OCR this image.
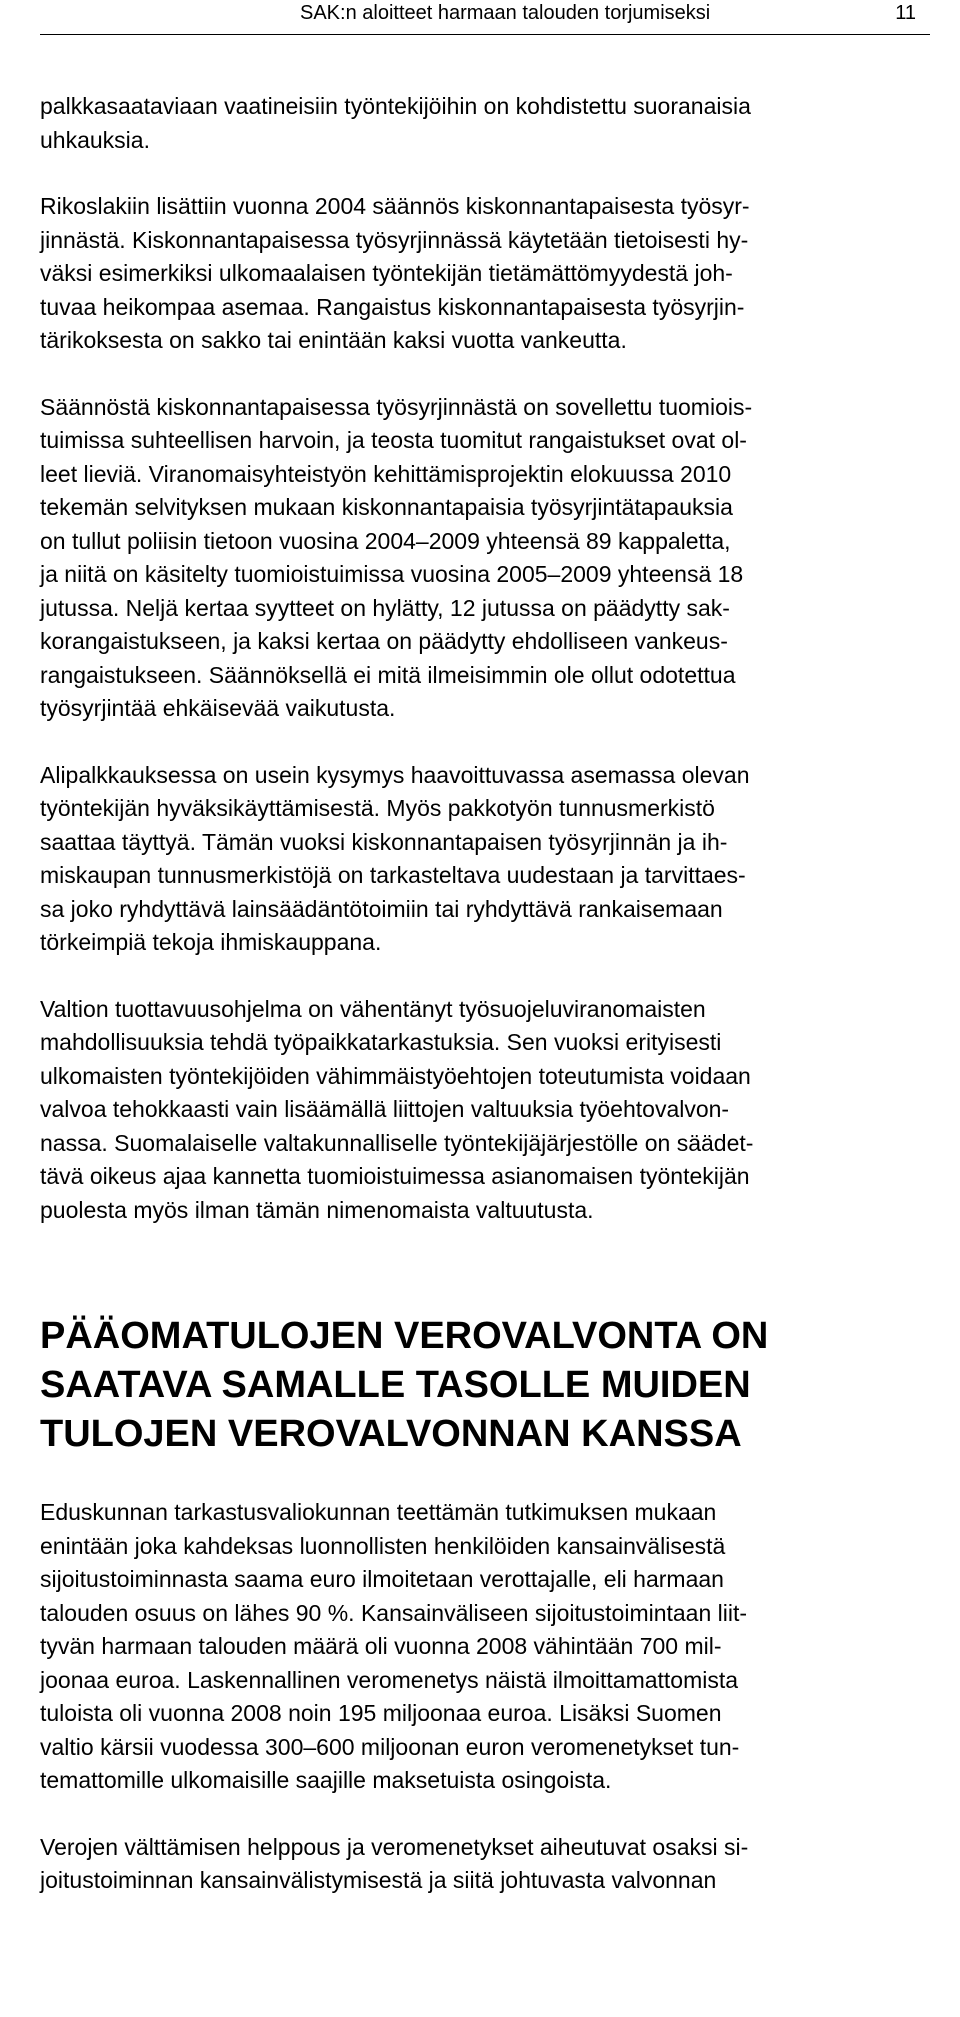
SAK:n aloitteet harmaan talouden torjumiseksi	11

palkkasaataviaan vaatineisiin työntekijöihin on kohdistettu suoranaisia
uhkauksia.

Rikoslakiin lisättiin vuonna 2004 säännös kiskonnantapaisesta työsyr-
jinnästä. Kiskonnantapaisessa työsyrjinnässä käytetään tietoisesti hy-
väksi esimerkiksi ulkomaalaisen työntekijän tietämättömyydestä joh-
tuvaa heikompaa asemaa. Rangaistus kiskonnantapaisesta työsyrjin-
tärikoksesta on sakko tai enintään kaksi vuotta vankeutta.

Säännöstä kiskonnantapaisessa työsyrjinnästä on sovellettu tuomiois-
tuimissa suhteellisen harvoin, ja teosta tuomitut rangaistukset ovat ol-
leet lieviä. Viranomaisyhteistyön kehittämisprojektin elokuussa 2010
tekemän selvityksen mukaan kiskonnantapaisia työsyrjintätapauksia
on tullut poliisin tietoon vuosina 2004–2009 yhteensä 89 kappaletta,
ja niitä on käsitelty tuomioistuimissa vuosina 2005–2009 yhteensä 18
jutussa. Neljä kertaa syytteet on hylätty, 12 jutussa on päädytty sak-
korangaistukseen, ja kaksi kertaa on päädytty ehdolliseen vankeus-
rangaistukseen. Säännöksellä ei mitä ilmeisimmin ole ollut odotettua
työsyrjintää ehkäisevää vaikutusta.

Alipalkkauksessa on usein kysymys haavoittuvassa asemassa olevan
työntekijän hyväksikäyttämisestä. Myös pakkotyön tunnusmerkistö
saattaa täyttyä. Tämän vuoksi kiskonnantapaisen työsyrjinnän ja ih-
miskaupan tunnusmerkistöjä on tarkasteltava uudestaan ja tarvittaes-
sa joko ryhdyttävä lainsäädäntötoimiin tai ryhdyttävä rankaisemaan
törkeimpiä tekoja ihmiskauppana.

Valtion tuottavuusohjelma on vähentänyt työsuojeluviranomaisten
mahdollisuuksia tehdä työpaikkatarkastuksia. Sen vuoksi erityisesti
ulkomaisten työntekijöiden vähimmäistyöehtojen toteutumista voidaan
valvoa tehokkaasti vain lisäämällä liittojen valtuuksia työehtovalvon-
nassa. Suomalaiselle valtakunnalliselle työntekijäjärjestölle on säädet-
tävä oikeus ajaa kannetta tuomioistuimessa asianomaisen työntekijän
puolesta myös ilman tämän nimenomaista valtuutusta.

PÄÄOMATULOJEN VEROVALVONTA ON
SAATAVA SAMALLE TASOLLE MUIDEN
TULOJEN VEROVALVONNAN KANSSA

Eduskunnan tarkastusvaliokunnan teettämän tutkimuksen mukaan
enintään joka kahdeksas luonnollisten henkilöiden kansainvälisestä
sijoitustoiminnasta saama euro ilmoitetaan verottajalle, eli harmaan
talouden osuus on lähes 90 %. Kansainväliseen sijoitustoimintaan liit-
tyvän harmaan talouden määrä oli vuonna 2008 vähintään 700 mil-
joonaa euroa. Laskennallinen veromenetys näistä ilmoittamattomista
tuloista oli vuonna 2008 noin 195 miljoonaa euroa. Lisäksi Suomen
valtio kärsii vuodessa 300–600 miljoonan euron veromenetykset tun-
temattomille ulkomaisille saajille maksetuista osingoista.

Verojen välttämisen helppous ja veromenetykset aiheutuvat osaksi si-
joitustoiminnan kansainvälistymisestä ja siitä johtuvasta valvonnan
